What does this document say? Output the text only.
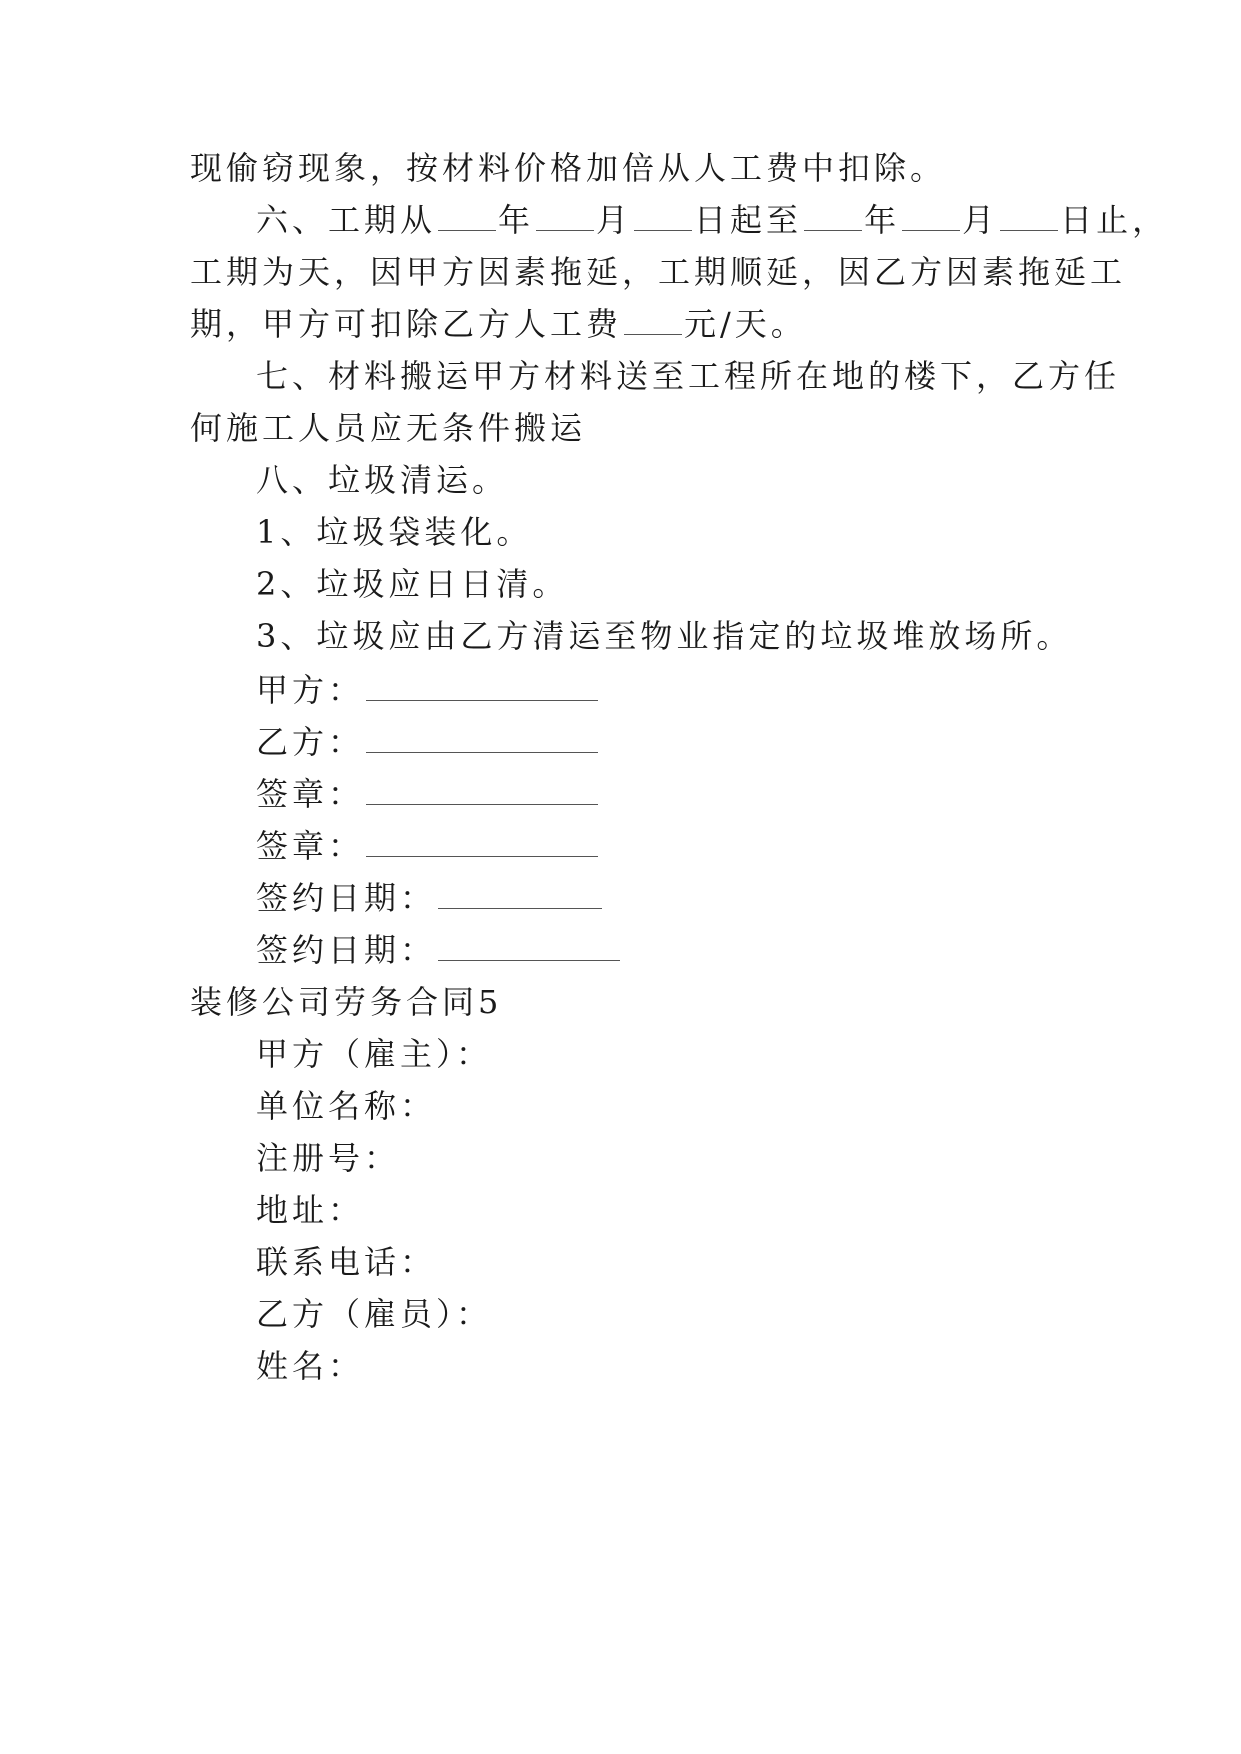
现偷窃现象，按材料价格加倍从人工费中扣除。
六、工期从 年 月 日起至 年 月 日止，
工期为天，因甲方因素拖延，工期顺延，因乙方因素拖延工
期，甲方可扣除乙方人工费 元/天。
七、材料搬运甲方材料送至工程所在地的楼下，乙方任
何施工人员应无条件搬运
八、垃圾清运。
1、垃圾袋装化。
2、垃圾应日日清。
3、垃圾应由乙方清运至物业指定的垃圾堆放场所。
甲方：
乙方：
签章：
签章：
签约日期：
签约日期：
装修公司劳务合同5
甲方（雇主）：
单位名称：
注册号：
地址：
联系电话：
乙方（雇员）：
姓名：
